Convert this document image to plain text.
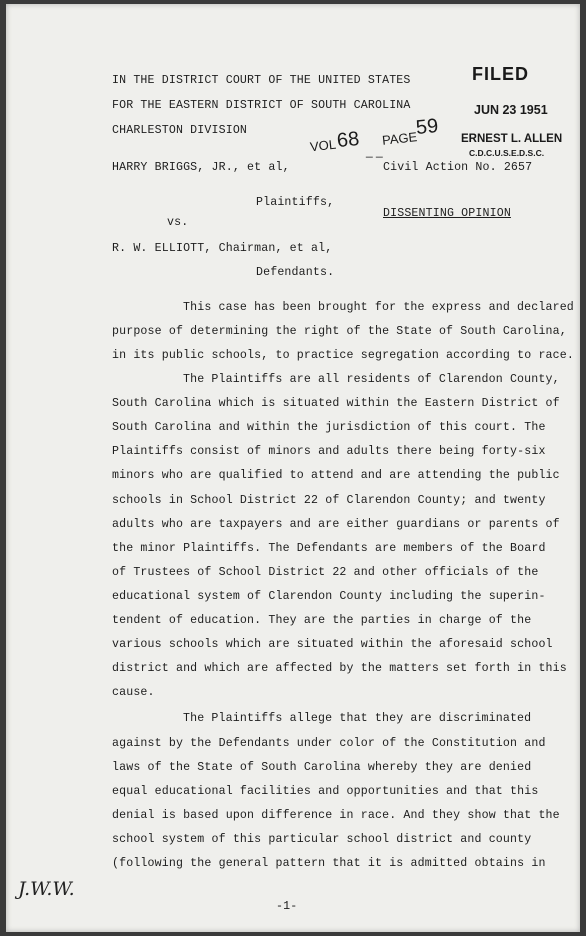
IN THE DISTRICT COURT OF THE UNITED STATES
FOR THE EASTERN DISTRICT OF SOUTH CAROLINA
CHARLESTON DIVISION
FILED
JUN 23 1951
ERNEST L. ALLEN
C.D.C.U.S.E.D.S.C.
VOL 68 _ _
PAGE
59
HARRY BRIGGS, JR., et al,	Civil Action No. 2657
Plaintiffs,
vs.
DISSENTING OPINION
R. W. ELLIOTT, Chairman, et al,
Defendants.
This case has been brought for the express and declared
purpose of determining the right of the State of South Carolina,
in its public schools, to practice segregation according to race.
The Plaintiffs are all residents of Clarendon County,
South Carolina which is situated within the Eastern District of
South Carolina and within the jurisdiction of this court. The
Plaintiffs consist of minors and adults there being forty-six
minors who are qualified to attend and are attending the public
schools in School District 22 of Clarendon County; and twenty
adults who are taxpayers and are either guardians or parents of
the minor Plaintiffs. The Defendants are members of the Board
of Trustees of School District 22 and other officials of the
educational system of Clarendon County including the superin-
tendent of education. They are the parties in charge of the
various schools which are situated within the aforesaid school
district and which are affected by the matters set forth in this
cause.
The Plaintiffs allege that they are discriminated
against by the Defendants under color of the Constitution and
laws of the State of South Carolina whereby they are denied
equal educational facilities and opportunities and that this
denial is based upon difference in race. And they show that the
school system of this particular school district and county
(following the general pattern that it is admitted obtains in
J.W.W.
-1-
